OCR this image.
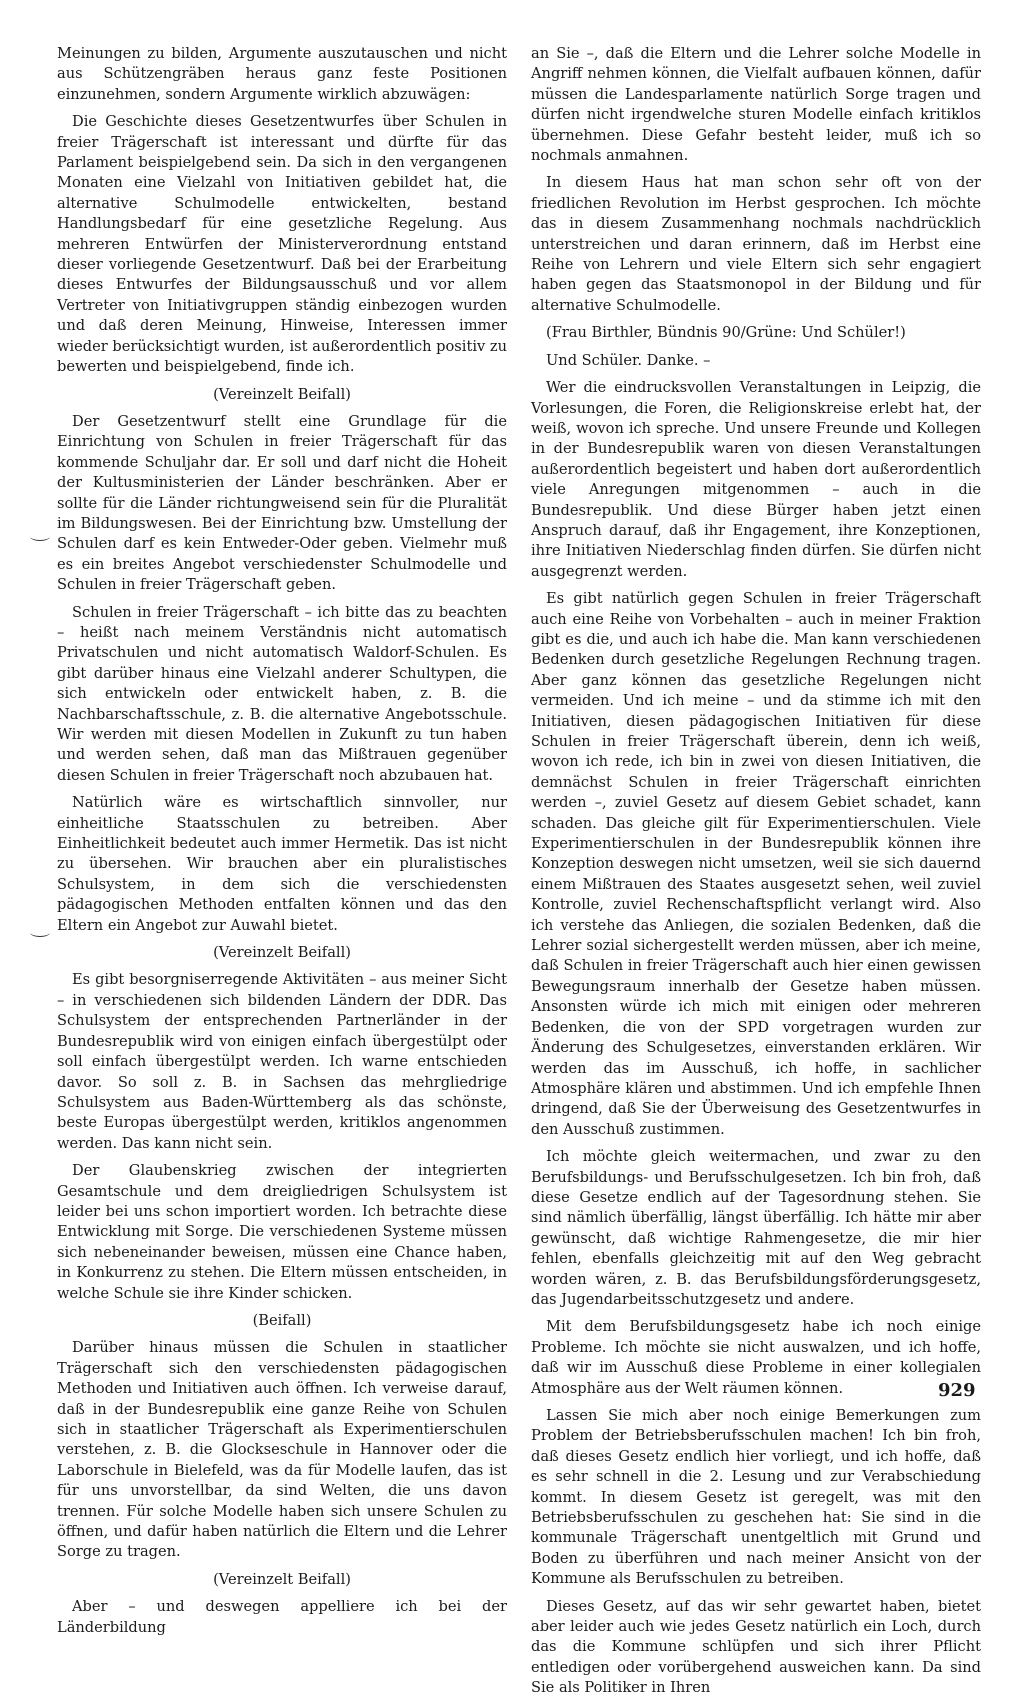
Meinungen zu bilden, Argumente auszutauschen und nicht aus Schützengräben heraus ganz feste Positionen einzunehmen, sondern Argumente wirklich abzuwägen:

Die Geschichte dieses Gesetzentwurfes über Schulen in freier Trägerschaft ist interessant und dürfte für das Parlament beispielgebend sein. Da sich in den vergangenen Monaten eine Vielzahl von Initiativen gebildet hat, die alternative Schulmodelle entwickelten, bestand Handlungsbedarf für eine gesetzliche Regelung. Aus mehreren Entwürfen der Ministerverordnung entstand dieser vorliegende Gesetzentwurf. Daß bei der Erarbeitung dieses Entwurfes der Bildungsausschuß und vor allem Vertreter von Initiativgruppen ständig einbezogen wurden und daß deren Meinung, Hinweise, Interessen immer wieder berücksichtigt wurden, ist außerordentlich positiv zu bewerten und beispielgebend, finde ich.

(Vereinzelt Beifall)

Der Gesetzentwurf stellt eine Grundlage für die Einrichtung von Schulen in freier Trägerschaft für das kommende Schuljahr dar. Er soll und darf nicht die Hoheit der Kultusministerien der Länder beschränken. Aber er sollte für die Länder richtungweisend sein für die Pluralität im Bildungswesen. Bei der Einrichtung bzw. Umstellung der Schulen darf es kein Entweder-Oder geben. Vielmehr muß es ein breites Angebot verschiedenster Schulmodelle und Schulen in freier Trägerschaft geben.

Schulen in freier Trägerschaft – ich bitte das zu beachten – heißt nach meinem Verständnis nicht automatisch Privatschulen und nicht automatisch Waldorf-Schulen. Es gibt darüber hinaus eine Vielzahl anderer Schultypen, die sich entwickeln oder entwickelt haben, z. B. die Nachbarschaftsschule, z. B. die alternative Angebotsschule. Wir werden mit diesen Modellen in Zukunft zu tun haben und werden sehen, daß man das Mißtrauen gegenüber diesen Schulen in freier Trägerschaft noch abzubauen hat.

Natürlich wäre es wirtschaftlich sinnvoller, nur einheitliche Staatsschulen zu betreiben. Aber Einheitlichkeit bedeutet auch immer Hermetik. Das ist nicht zu übersehen. Wir brauchen aber ein pluralistisches Schulsystem, in dem sich die verschiedensten pädagogischen Methoden entfalten können und das den Eltern ein Angebot zur Auwahl bietet.

(Vereinzelt Beifall)

Es gibt besorgniserregende Aktivitäten – aus meiner Sicht – in verschiedenen sich bildenden Ländern der DDR. Das Schulsystem der entsprechenden Partnerländer in der Bundesrepublik wird von einigen einfach übergestülpt oder soll einfach übergestülpt werden. Ich warne entschieden davor. So soll z. B. in Sachsen das mehrgliedrige Schulsystem aus Baden-Württemberg als das schönste, beste Europas übergestülpt werden, kritiklos angenommen werden. Das kann nicht sein.

Der Glaubenskrieg zwischen der integrierten Gesamtschule und dem dreigliedrigen Schulsystem ist leider bei uns schon importiert worden. Ich betrachte diese Entwicklung mit Sorge. Die verschiedenen Systeme müssen sich nebeneinander beweisen, müssen eine Chance haben, in Konkurrenz zu stehen. Die Eltern müssen entscheiden, in welche Schule sie ihre Kinder schicken.

(Beifall)

Darüber hinaus müssen die Schulen in staatlicher Trägerschaft sich den verschiedensten pädagogischen Methoden und Initiativen auch öffnen. Ich verweise darauf, daß in der Bundesrepublik eine ganze Reihe von Schulen sich in staatlicher Trägerschaft als Experimentierschulen verstehen, z. B. die Glockseschule in Hannover oder die Laborschule in Bielefeld, was da für Modelle laufen, das ist für uns unvorstellbar, da sind Welten, die uns davon trennen. Für solche Modelle haben sich unsere Schulen zu öffnen, und dafür haben natürlich die Eltern und die Lehrer Sorge zu tragen.

(Vereinzelt Beifall)

Aber – und deswegen appelliere ich bei der Länderbildung

an Sie –, daß die Eltern und die Lehrer solche Modelle in Angriff nehmen können, die Vielfalt aufbauen können, dafür müssen die Landesparlamente natürlich Sorge tragen und dürfen nicht irgendwelche sturen Modelle einfach kritiklos übernehmen. Diese Gefahr besteht leider, muß ich so nochmals anmahnen.

In diesem Haus hat man schon sehr oft von der friedlichen Revolution im Herbst gesprochen. Ich möchte das in diesem Zusammenhang nochmals nachdrücklich unterstreichen und daran erinnern, daß im Herbst eine Reihe von Lehrern und viele Eltern sich sehr engagiert haben gegen das Staatsmonopol in der Bildung und für alternative Schulmodelle.

(Frau Birthler, Bündnis 90/Grüne: Und Schüler!)

Und Schüler. Danke. –

Wer die eindrucksvollen Veranstaltungen in Leipzig, die Vorlesungen, die Foren, die Religionskreise erlebt hat, der weiß, wovon ich spreche. Und unsere Freunde und Kollegen in der Bundesrepublik waren von diesen Veranstaltungen außerordentlich begeistert und haben dort außerordentlich viele Anregungen mitgenommen – auch in die Bundesrepublik. Und diese Bürger haben jetzt einen Anspruch darauf, daß ihr Engagement, ihre Konzeptionen, ihre Initiativen Niederschlag finden dürfen. Sie dürfen nicht ausgegrenzt werden.

Es gibt natürlich gegen Schulen in freier Trägerschaft auch eine Reihe von Vorbehalten – auch in meiner Fraktion gibt es die, und auch ich habe die. Man kann verschiedenen Bedenken durch gesetzliche Regelungen Rechnung tragen. Aber ganz können das gesetzliche Regelungen nicht vermeiden. Und ich meine – und da stimme ich mit den Initiativen, diesen pädagogischen Initiativen für diese Schulen in freier Trägerschaft überein, denn ich weiß, wovon ich rede, ich bin in zwei von diesen Initiativen, die demnächst Schulen in freier Trägerschaft einrichten werden –, zuviel Gesetz auf diesem Gebiet schadet, kann schaden. Das gleiche gilt für Experimentierschulen. Viele Experimentierschulen in der Bundesrepublik können ihre Konzeption deswegen nicht umsetzen, weil sie sich dauernd einem Mißtrauen des Staates ausgesetzt sehen, weil zuviel Kontrolle, zuviel Rechenschaftspflicht verlangt wird. Also ich verstehe das Anliegen, die sozialen Bedenken, daß die Lehrer sozial sichergestellt werden müssen, aber ich meine, daß Schulen in freier Trägerschaft auch hier einen gewissen Bewegungsraum innerhalb der Gesetze haben müssen. Ansonsten würde ich mich mit einigen oder mehreren Bedenken, die von der SPD vorgetragen wurden zur Änderung des Schulgesetzes, einverstanden erklären. Wir werden das im Ausschuß, ich hoffe, in sachlicher Atmosphäre klären und abstimmen. Und ich empfehle Ihnen dringend, daß Sie der Überweisung des Gesetzentwurfes in den Ausschuß zustimmen.

Ich möchte gleich weitermachen, und zwar zu den Berufsbildungs- und Berufsschulgesetzen. Ich bin froh, daß diese Gesetze endlich auf der Tagesordnung stehen. Sie sind nämlich überfällig, längst überfällig. Ich hätte mir aber gewünscht, daß wichtige Rahmengesetze, die mir hier fehlen, ebenfalls gleichzeitig mit auf den Weg gebracht worden wären, z. B. das Berufsbildungsförderungsgesetz, das Jugendarbeitsschutzgesetz und andere.

Mit dem Berufsbildungsgesetz habe ich noch einige Probleme. Ich möchte sie nicht auswalzen, und ich hoffe, daß wir im Ausschuß diese Probleme in einer kollegialen Atmosphäre aus der Welt räumen können.

Lassen Sie mich aber noch einige Bemerkungen zum Problem der Betriebsberufsschulen machen! Ich bin froh, daß dieses Gesetz endlich hier vorliegt, und ich hoffe, daß es sehr schnell in die 2. Lesung und zur Verabschiedung kommt. In diesem Gesetz ist geregelt, was mit den Betriebsberufsschulen zu geschehen hat: Sie sind in die kommunale Trägerschaft unentgeltlich mit Grund und Boden zu überführen und nach meiner Ansicht von der Kommune als Berufsschulen zu betreiben.

Dieses Gesetz, auf das wir sehr gewartet haben, bietet aber leider auch wie jedes Gesetz natürlich ein Loch, durch das die Kommune schlüpfen und sich ihrer Pflicht entledigen oder vorübergehend ausweichen kann. Da sind Sie als Politiker in Ihren

929
